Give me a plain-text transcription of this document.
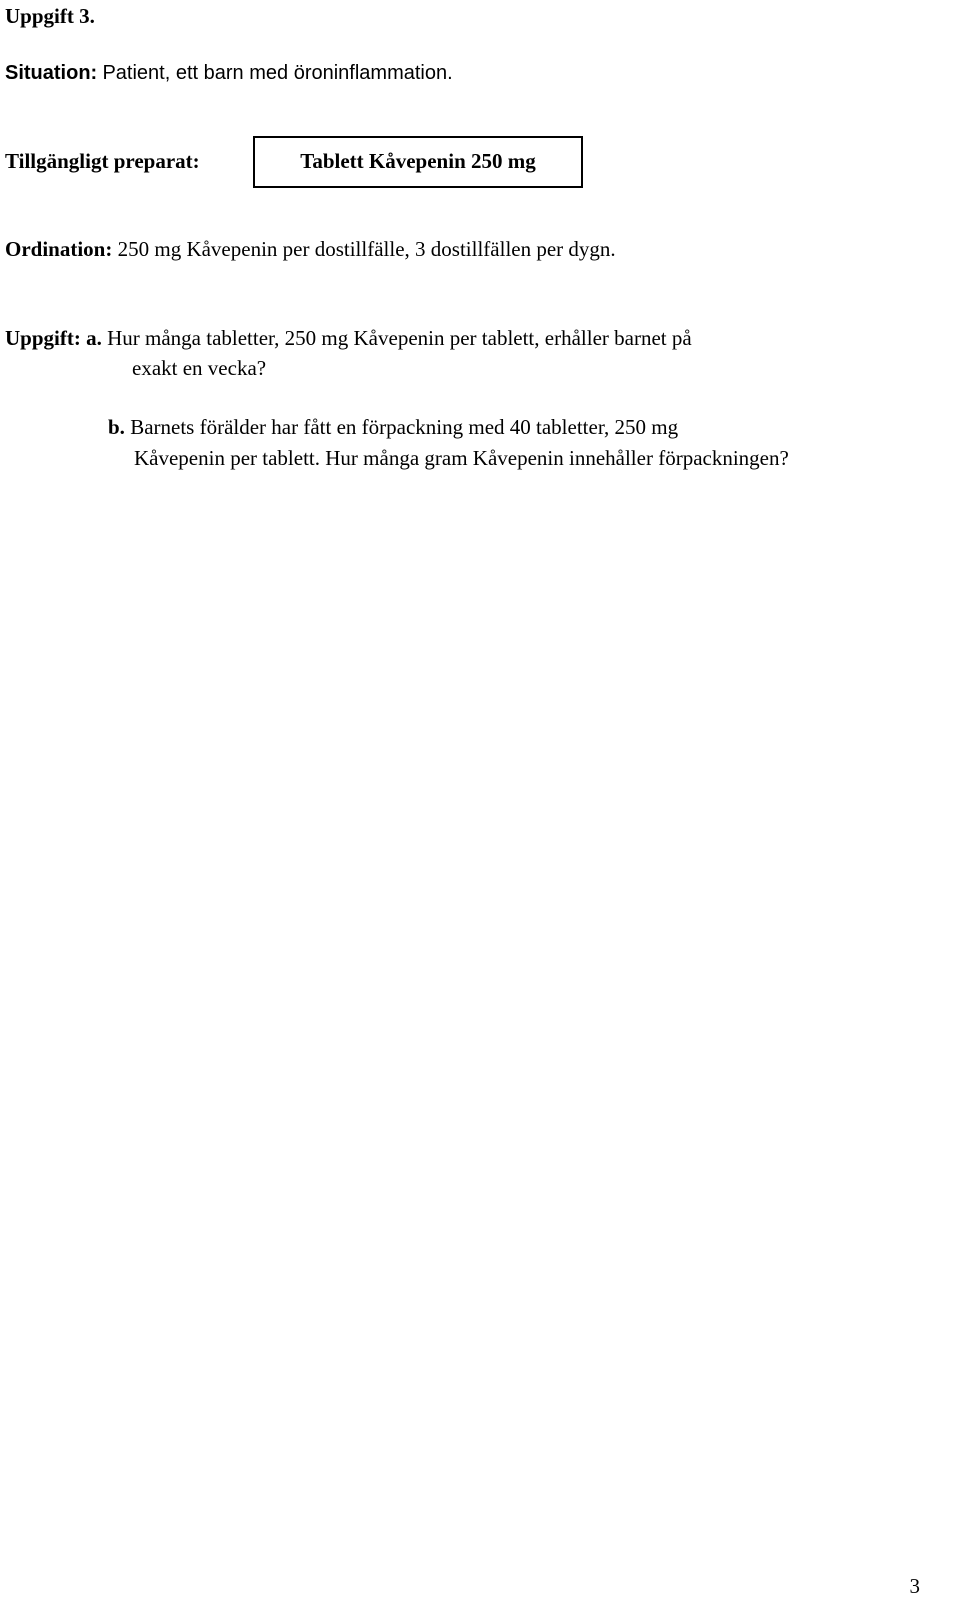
Uppgift 3.
Situation: Patient, ett barn med öroninflammation.
Tillgängligt preparat:	Tablett Kåvepenin 250 mg
Ordination: 250 mg Kåvepenin per dostillfälle, 3 dostillfällen per dygn.
Uppgift: a. Hur många tabletter, 250 mg Kåvepenin per tablett, erhåller barnet på
exakt en vecka?
b. Barnets förälder har fått en förpackning med 40 tabletter, 250 mg
Kåvepenin per tablett. Hur många gram Kåvepenin innehåller förpackningen?
3
